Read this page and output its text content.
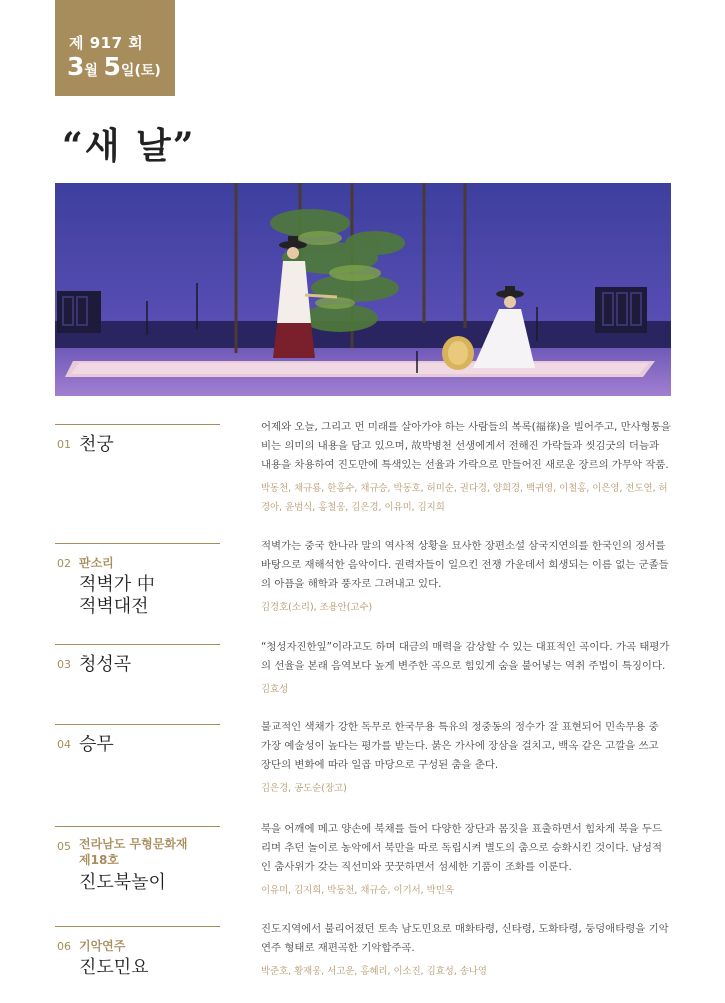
제 917 회
3월 5일(토)
“새 날”
01 천궁
어제와 오늘, 그리고 먼 미래를 살아가야 하는 사람들의 복록(福祿)을 빌어주고, 만사형통을 비는 의미의 내용을 담고 있으며, 故박병천 선생에게서 전해진 가락들과 씻김굿의 더늠과 내용을 차용하여 진도만에 특색있는 선율과 가락으로 만들어진 새로운 장르의 가무악 작품.
박동천, 채규룡, 한홍수, 채규승, 박동호, 허미순, 권다경, 양희경, 백귀영, 이철홍, 이은영, 전도연, 허경아, 윤범식, 홍철웅, 김은경, 이유미, 김지희
02 판소리
적벽가 中 적벽대전
적벽가는 중국 한나라 말의 역사적 상황을 묘사한 장편소설 삼국지연의를 한국인의 정서를 바탕으로 재해석한 음악이다. 권력자들이 일으킨 전쟁 가운데서 희생되는 이름 없는 군졸들의 아픔을 해학과 풍자로 그려내고 있다.
김경호(소리), 조용안(고수)
03 청성곡
“청성자진한잎”이라고도 하며 대금의 매력을 감상할 수 있는 대표적인 곡이다. 가곡 태평가의 선율을 본래 음역보다 높게 변주한 곡으로 힘있게 숨을 불어넣는 역취 주법이 특징이다.
김효성
04 승무
불교적인 색채가 강한 독무로 한국무용 특유의 정중동의 정수가 잘 표현되어 민속무용 중 가장 예술성이 높다는 평가를 받는다. 붉은 가사에 장삼을 걸치고, 백옥 같은 고깔을 쓰고 장단의 변화에 따라 일곱 마당으로 구성된 춤을 춘다.
김은경, 공도순(장고)
05 전라남도 무형문화재 제18호
진도북놀이
북을 어깨에 메고 양손에 북채를 들어 다양한 장단과 몸짓을 표출하면서 힘차게 북을 두드리며 추던 놀이로 농악에서 북만을 따로 독립시켜 별도의 춤으로 승화시킨 것이다. 남성적인 춤사위가 갖는 직선미와 꿋꿋하면서 섬세한 기품이 조화를 이룬다.
이유미, 김지희, 박동천, 채규승, 이기서, 박민옥
06 기악연주
진도민요
진도지역에서 불리어졌던 토속 남도민요로 매화타령, 신타령, 도화타령, 둥덩애타령을 기악연주 형태로 재편곡한 기악합주곡.
박준호, 황재웅, 서고운, 홍혜리, 이소진, 김효성, 송나영
